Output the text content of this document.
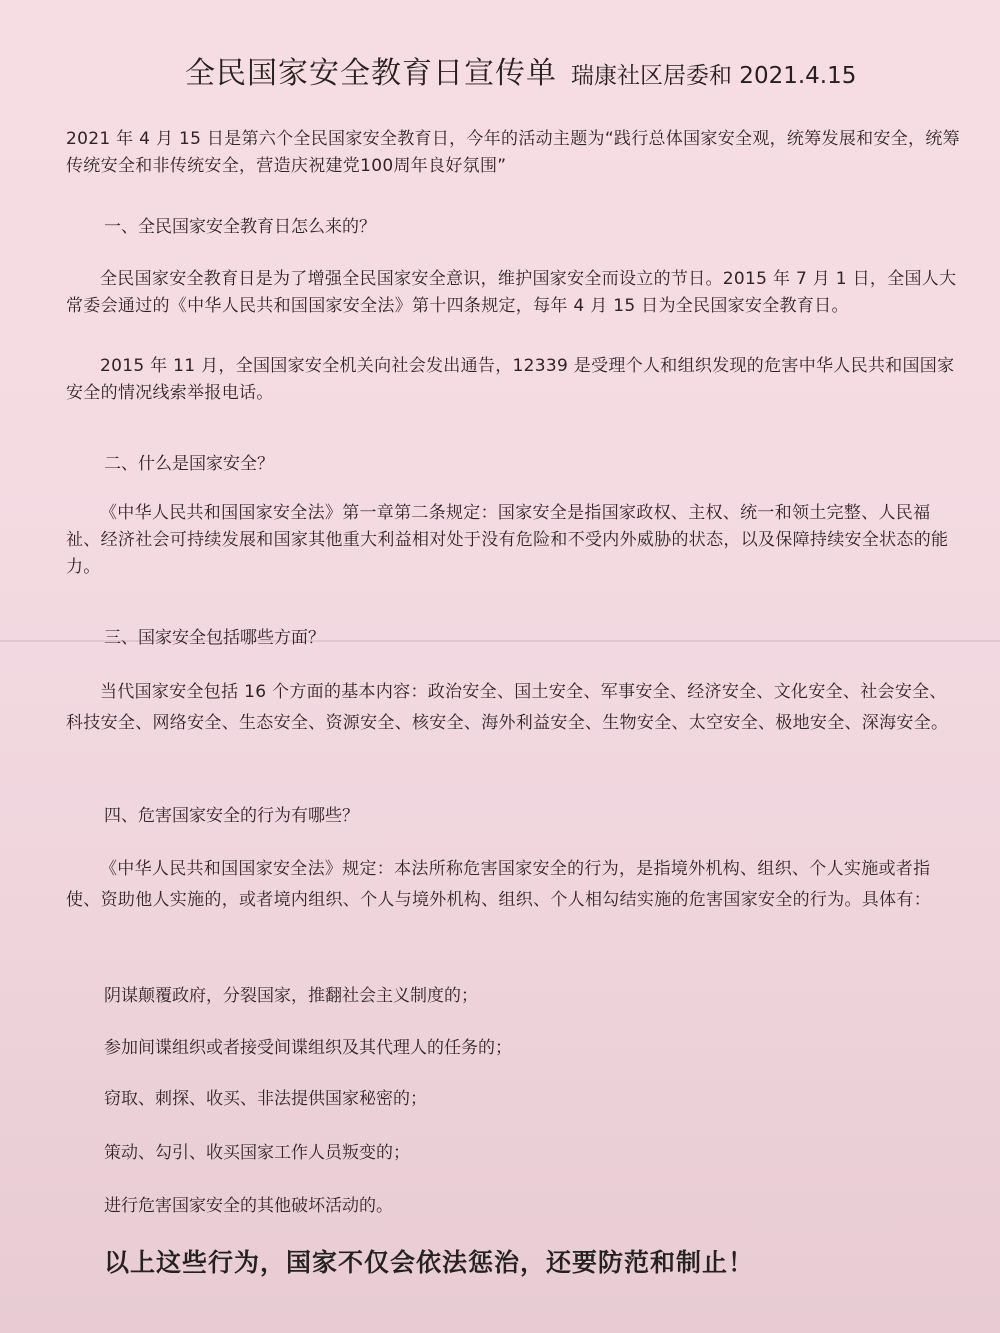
全民国家安全教育日宣传单 瑞康社区居委和 2021.4.15
2021 年 4 月 15 日是第六个全民国家安全教育日，今年的活动主题为“践行总体国家安全观，统筹发展和安全，统筹传统安全和非传统安全，营造庆祝建党100周年良好氛围”
一、全民国家安全教育日怎么来的？
全民国家安全教育日是为了增强全民国家安全意识，维护国家安全而设立的节日。2015 年 7 月 1 日，全国人大常委会通过的《中华人民共和国国家安全法》第十四条规定，每年 4 月 15 日为全民国家安全教育日。
2015 年 11 月，全国国家安全机关向社会发出通告，12339 是受理个人和组织发现的危害中华人民共和国国家安全的情况线索举报电话。
二、什么是国家安全？
《中华人民共和国国家安全法》第一章第二条规定：国家安全是指国家政权、主权、统一和领土完整、人民福祉、经济社会可持续发展和国家其他重大利益相对处于没有危险和不受内外威胁的状态，以及保障持续安全状态的能力。
三、国家安全包括哪些方面？
当代国家安全包括 16 个方面的基本内容：政治安全、国土安全、军事安全、经济安全、文化安全、社会安全、科技安全、网络安全、生态安全、资源安全、核安全、海外利益安全、生物安全、太空安全、极地安全、深海安全。
四、危害国家安全的行为有哪些？
《中华人民共和国国家安全法》规定：本法所称危害国家安全的行为，是指境外机构、组织、个人实施或者指使、资助他人实施的，或者境内组织、个人与境外机构、组织、个人相勾结实施的危害国家安全的行为。具体有：
阴谋颠覆政府，分裂国家，推翻社会主义制度的；
参加间谍组织或者接受间谍组织及其代理人的任务的；
窃取、刺探、收买、非法提供国家秘密的；
策动、勾引、收买国家工作人员叛变的；
进行危害国家安全的其他破坏活动的。
以上这些行为，国家不仅会依法惩治，还要防范和制止！
